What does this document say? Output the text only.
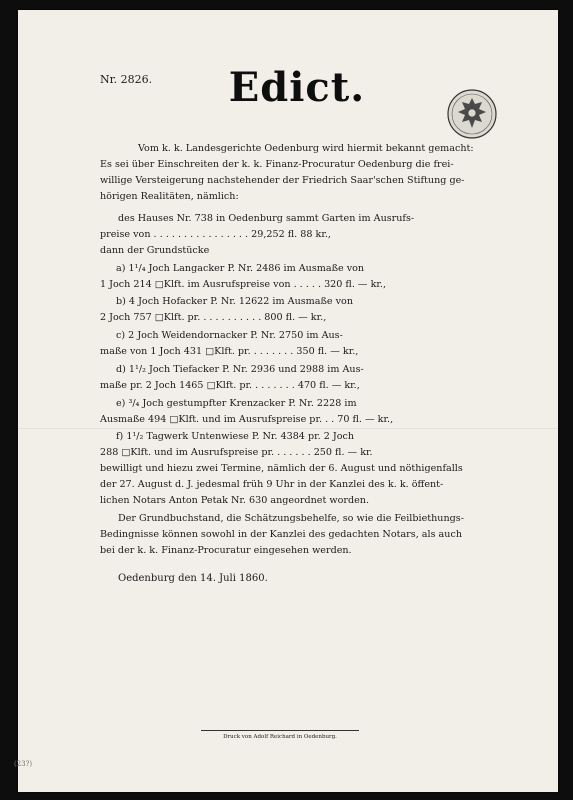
Nr. 2826. Edict.
Vom k. k. Landesgerichte Oedenburg wird hiermit bekannt gemacht:
Es sei über Einschreiten der k. k. Finanz-Procuratur Oedenburg die frei-
willige Versteigerung nachstehender der Friedrich Saar'schen Stiftung ge-
hörigen Realitäten, nämlich:
des Hauses Nr. 738 in Oedenburg sammt Garten im Ausrufs-
preise von . . . . . . . . . . . . . . . . 29,252 fl. 88 kr.,
dann der Grundstücke
a) 1¹/₄ Joch Langacker P. Nr. 2486 im Ausmaße von
1 Joch 214 □Klft. im Ausrufspreise von . . . . . 320 fl. — kr.,
b) 4 Joch Hofacker P. Nr. 12622 im Ausmaße von
2 Joch 757 □Klft. pr. . . . . . . . . . . 800 fl. — kr.,
c) 2 Joch Weidendornacker P. Nr. 2750 im Aus-
maße von 1 Joch 431 □Klft. pr. . . . . . . . 350 fl. — kr.,
d) 1¹/₂ Joch Tiefacker P. Nr. 2936 und 2988 im Aus-
maße pr. 2 Joch 1465 □Klft. pr. . . . . . . . 470 fl. — kr.,
e) ³/₄ Joch gestumpfter Krenzacker P. Nr. 2228 im
Ausmaße 494 □Klft. und im Ausrufspreise pr. . . 70 fl. — kr.,
f) 1¹/₂ Tagwerk Untenwiese P. Nr. 4384 pr. 2 Joch
288 □Klft. und im Ausrufspreise pr. . . . . . . 250 fl. — kr.
bewilligt und hiezu zwei Termine, nämlich der 6. August und nöthigenfalls
der 27. August d. J. jedesmal früh 9 Uhr in der Kanzlei des k. k. öffent-
lichen Notars Anton Petak Nr. 630 angeordnet worden.
Der Grundbuchstand, die Schätzungsbehelfe, so wie die Feilbiethungs-
Bedingnisse können sowohl in der Kanzlei des gedachten Notars, als auch
bei der k. k. Finanz-Procuratur eingesehen werden.
Oedenburg den 14. Juli 1860.
Druck von Adolf Reichard in Oedenburg.
(23?)
